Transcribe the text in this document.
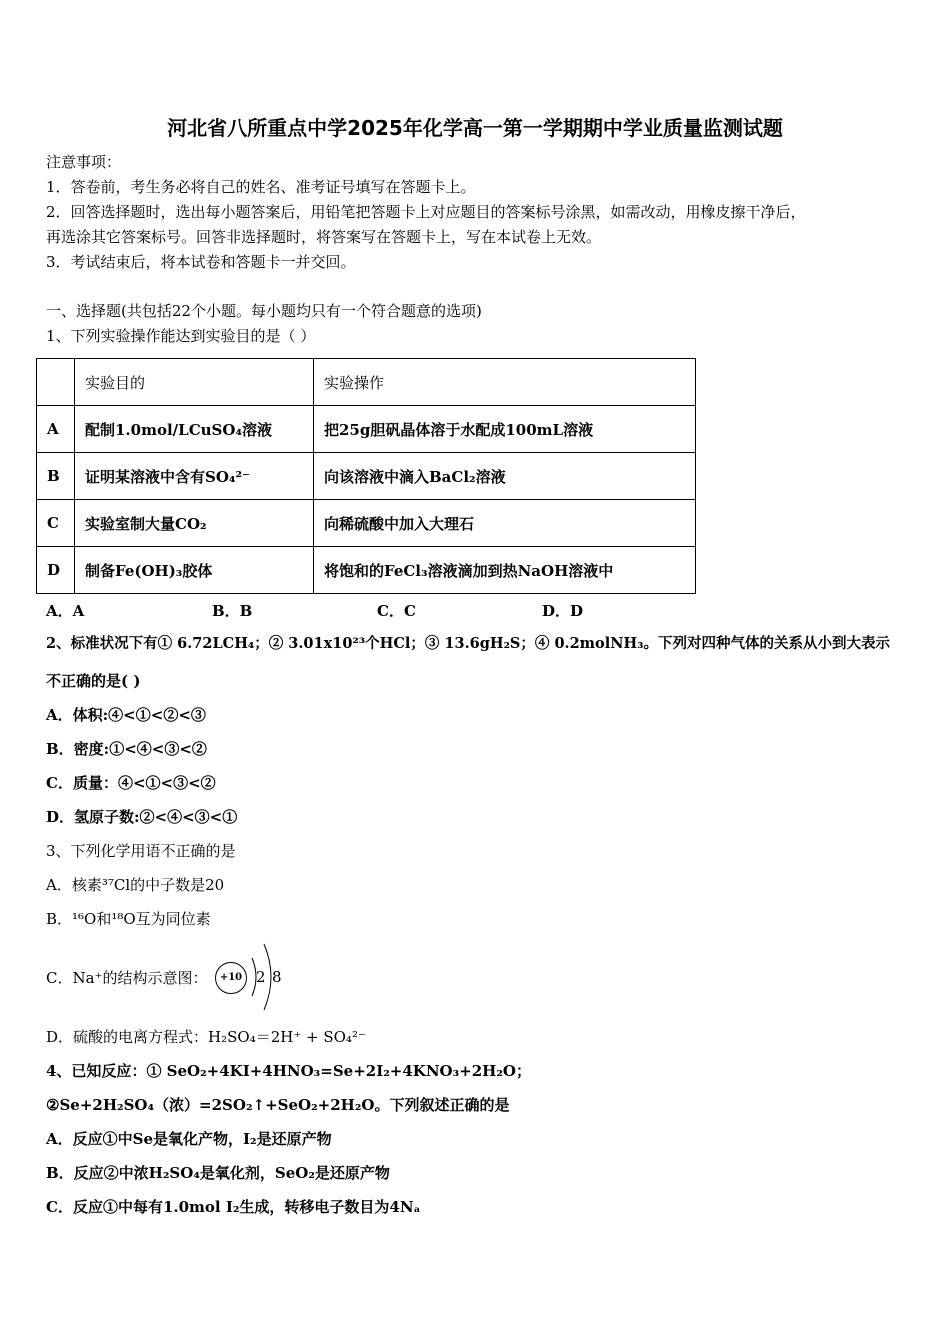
河北省八所重点中学2025年化学高一第一学期期中学业质量监测试题
注意事项：
1．答卷前，考生务必将自己的姓名、准考证号填写在答题卡上。
2．回答选择题时，选出每小题答案后，用铅笔把答题卡上对应题目的答案标号涂黑，如需改动，用橡皮擦干净后，
再选涂其它答案标号。回答非选择题时，将答案写在答题卡上，写在本试卷上无效。
3．考试结束后，将本试卷和答题卡一并交回。
一、选择题(共包括22个小题。每小题均只有一个符合题意的选项)
1、下列实验操作能达到实验目的是（ ）
	实验目的	实验操作
A	配制1.0mol/LCuSO₄溶液	把25g胆矾晶体溶于水配成100mL溶液
B	证明某溶液中含有SO₄²⁻	向该溶液中滴入BaCl₂溶液
C	实验室制大量CO₂	向稀硫酸中加入大理石
D	制备Fe(OH)₃胶体	将饱和的FeCl₃溶液滴加到热NaOH溶液中
A．A	B．B	C．C	D．D
2、标准状况下有① 6.72LCH₄；② 3.01x10²³个HCl；③ 13.6gH₂S；④ 0.2molNH₃。下列对四种气体的关系从小到大表示
不正确的是( )
A．体积:④<①<②<③
B．密度:①<④<③<②
C．质量：④<①<③<②
D．氢原子数:②<④<③<①
3、下列化学用语不正确的是
A．核素³⁷Cl的中子数是20
B．¹⁶O和¹⁸O互为同位素
C．Na⁺的结构示意图：	+10 2 8
D．硫酸的电离方程式：H₂SO₄＝2H⁺ + SO₄²⁻
4、已知反应：① SeO₂+4KI+4HNO₃=Se+2I₂+4KNO₃+2H₂O；
②Se+2H₂SO₄（浓）=2SO₂↑+SeO₂+2H₂O。下列叙述正确的是
A．反应①中Se是氧化产物，I₂是还原产物
B．反应②中浓H₂SO₄是氧化剂，SeO₂是还原产物
C．反应①中每有1.0mol I₂生成，转移电子数目为4Nₐ
